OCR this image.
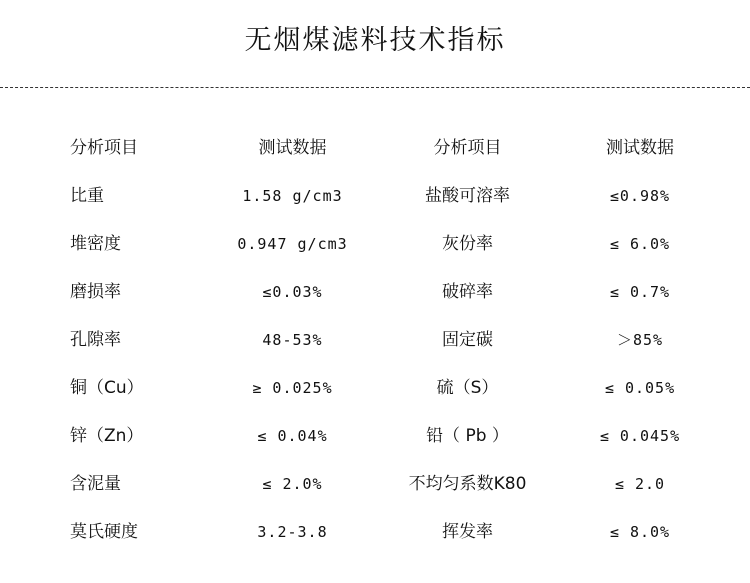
无烟煤滤料技术指标
分析项目	测试数据	分析项目	测试数据
比重	1.58 g/cm3	盐酸可溶率	≤0.98%
堆密度	0.947 g/cm3	灰份率	≤ 6.0%
磨损率	≤0.03%	破碎率	≤ 0.7%
孔隙率	48-53%	固定碳	＞85%
铜（Cu）	≥ 0.025%	硫（S）	≤ 0.05%
锌（Zn）	≤ 0.04%	铅（ Pb ）	≤ 0.045%
含泥量	≤ 2.0%	不均匀系数K80	≤ 2.0
莫氏硬度	3.2-3.8	挥发率	≤ 8.0%
